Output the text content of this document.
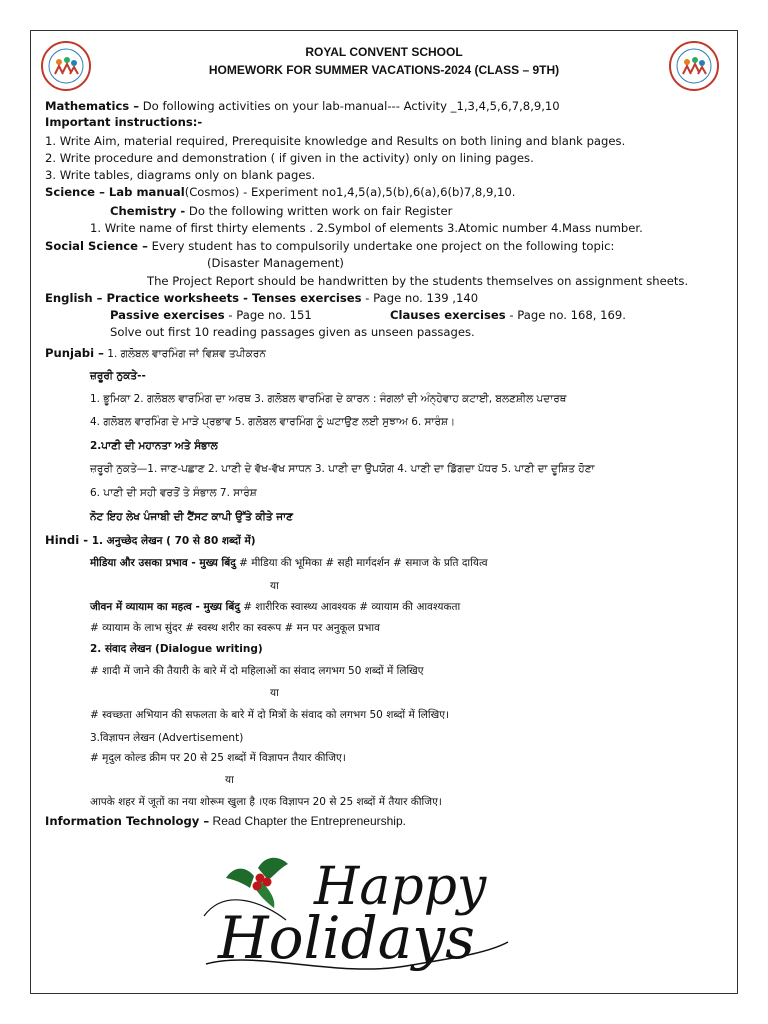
ROYAL CONVENT SCHOOL
HOMEWORK FOR SUMMER VACATIONS-2024 (CLASS – 9TH)
Mathematics – Do following activities on your lab-manual--- Activity _1,3,4,5,6,7,8,9,10
Important instructions:-
1. Write Aim, material required, Prerequisite knowledge and Results on both lining and blank pages.
2. Write procedure and demonstration ( if given in the activity) only on lining pages.
3. Write tables, diagrams only on blank pages.
Science – Lab manual(Cosmos) - Experiment no1,4,5(a),5(b),6(a),6(b)7,8,9,10.
Chemistry - Do the following written work on fair Register
1. Write name of first thirty elements . 2.Symbol of elements 3.Atomic number 4.Mass number.
Social Science – Every student has to compulsorily undertake one project on the following topic:
(Disaster Management)
The Project Report should be handwritten by the students themselves on assignment sheets.
English – Practice worksheets - Tenses exercises - Page no. 139 ,140
Passive exercises - Page no. 151	Clauses exercises - Page no. 168, 169.
Solve out first 10 reading passages given as unseen passages.
Punjabi – 1. ਗਲੋਬਲ ਵਾਰਮਿੰਗ ਜਾਂ ਵਿਸ਼ਵ ਤਪੀਕਰਨ
ਜ਼ਰੂਰੀ ਨੁਕਤੇ--
1. ਭੂਮਿਕਾ 2. ਗਲੋਬਲ ਵਾਰਮਿੰਗ ਦਾ ਅਰਥ 3. ਗਲੋਬਲ ਵਾਰਮਿੰਗ ਦੇ ਕਾਰਨ : ਜੰਗਲਾਂ ਦੀ ਅੰਨ੍ਹੇਵਾਹ ਕਟਾਈ, ਬਲਣਸ਼ੀਲ ਪਦਾਰਥ
4. ਗਲੋਬਲ ਵਾਰਮਿੰਗ ਦੇ ਮਾੜੇ ਪ੍ਰਭਾਵ 5. ਗਲੋਬਲ ਵਾਰਮਿੰਗ ਨੂੰ ਘਟਾਉਣ ਲਈ ਸੁਝਾਅ 6. ਸਾਰੰਸ਼।
2.ਪਾਣੀ ਦੀ ਮਹਾਨਤਾ ਅਤੇ ਸੰਭਾਲ
ਜ਼ਰੂਰੀ ਨੁਕਤੇ—1. ਜਾਣ-ਪਛਾਣ 2. ਪਾਣੀ ਦੇ ਵੱਖ-ਵੱਖ ਸਾਧਨ 3. ਪਾਣੀ ਦਾ ਉਪਯੋਗ 4. ਪਾਣੀ ਦਾ ਡਿੱਗਦਾ ਪੱਧਰ 5. ਪਾਣੀ ਦਾ ਦੂਸ਼ਿਤ ਹੋਣਾ
6. ਪਾਣੀ ਦੀ ਸਹੀ ਵਰਤੋਂ ਤੇ ਸੰਭਾਲ 7. ਸਾਰੰਸ਼
ਨੋਟ ਇਹ ਲੇਖ ਪੰਜਾਬੀ ਦੀ ਟੈਂਸਟ ਕਾਪੀ ਉੱਤੇ ਕੀਤੇ ਜਾਣ
Hindi - 1. अनुच्छेद लेखन ( 70 से 80 शब्दों में)
मीडिया और उसका प्रभाव - मुख्य बिंदु # मीडिया की भूमिका # सही मार्गदर्शन # समाज के प्रति दायित्व
या
जीवन में व्यायाम का महत्व - मुख्य बिंदु # शारीरिक स्वास्थ्य आवश्यक # व्यायाम की आवश्यकता
# व्यायाम के लाभ सुंदर # स्वस्थ शरीर का स्वरूप # मन पर अनुकूल प्रभाव
2. संवाद लेखन (Dialogue writing)
# शादी में जाने की तैयारी के बारे में दो महिलाओं का संवाद लगभग 50 शब्दों में लिखिए
या
# स्वच्छता अभियान की सफलता के बारे में दो मित्रों के संवाद को लगभग 50 शब्दों में लिखिए।
3.विज्ञापन लेखन (Advertisement)
# मृदुल कोल्ड क्रीम पर 20 से 25 शब्दों में विज्ञापन तैयार कीजिए।
या
आपके शहर में जूतों का नया शोरूम खुला है ।एक विज्ञापन 20 से 25 शब्दों में तैयार कीजिए।
Information Technology – Read Chapter the Entrepreneurship.
Happy
Holidays
